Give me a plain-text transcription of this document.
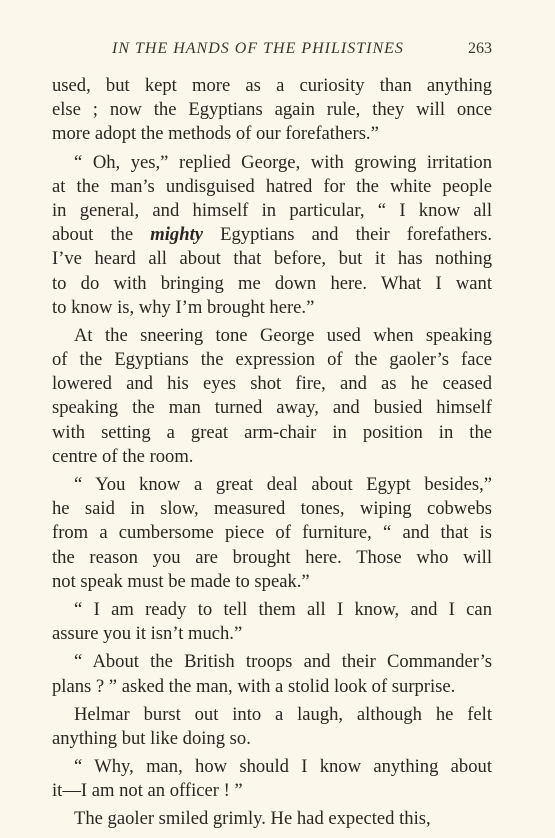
IN THE HANDS OF THE PHILISTINES	263
used, but kept more as a curiosity than anything
else ; now the Egyptians again rule, they will once
more adopt the methods of our forefathers.”
“ Oh, yes,” replied George, with growing irritation
at the man’s undisguised hatred for the white people
in general, and himself in particular, “ I know all
about the mighty Egyptians and their forefathers.
I’ve heard all about that before, but it has nothing
to do with bringing me down here. What I want
to know is, why I’m brought here.”
At the sneering tone George used when speaking
of the Egyptians the expression of the gaoler’s face
lowered and his eyes shot fire, and as he ceased
speaking the man turned away, and busied himself
with setting a great arm-chair in position in the
centre of the room.
“ You know a great deal about Egypt besides,”
he said in slow, measured tones, wiping cobwebs
from a cumbersome piece of furniture, “ and that is
the reason you are brought here. Those who will
not speak must be made to speak.”
“ I am ready to tell them all I know, and I can
assure you it isn’t much.”
“ About the British troops and their Commander’s
plans ? ” asked the man, with a stolid look of surprise.
Helmar burst out into a laugh, although he felt
anything but like doing so.
“ Why, man, how should I know anything about
it—I am not an officer ! ”
The gaoler smiled grimly. He had expected this,
